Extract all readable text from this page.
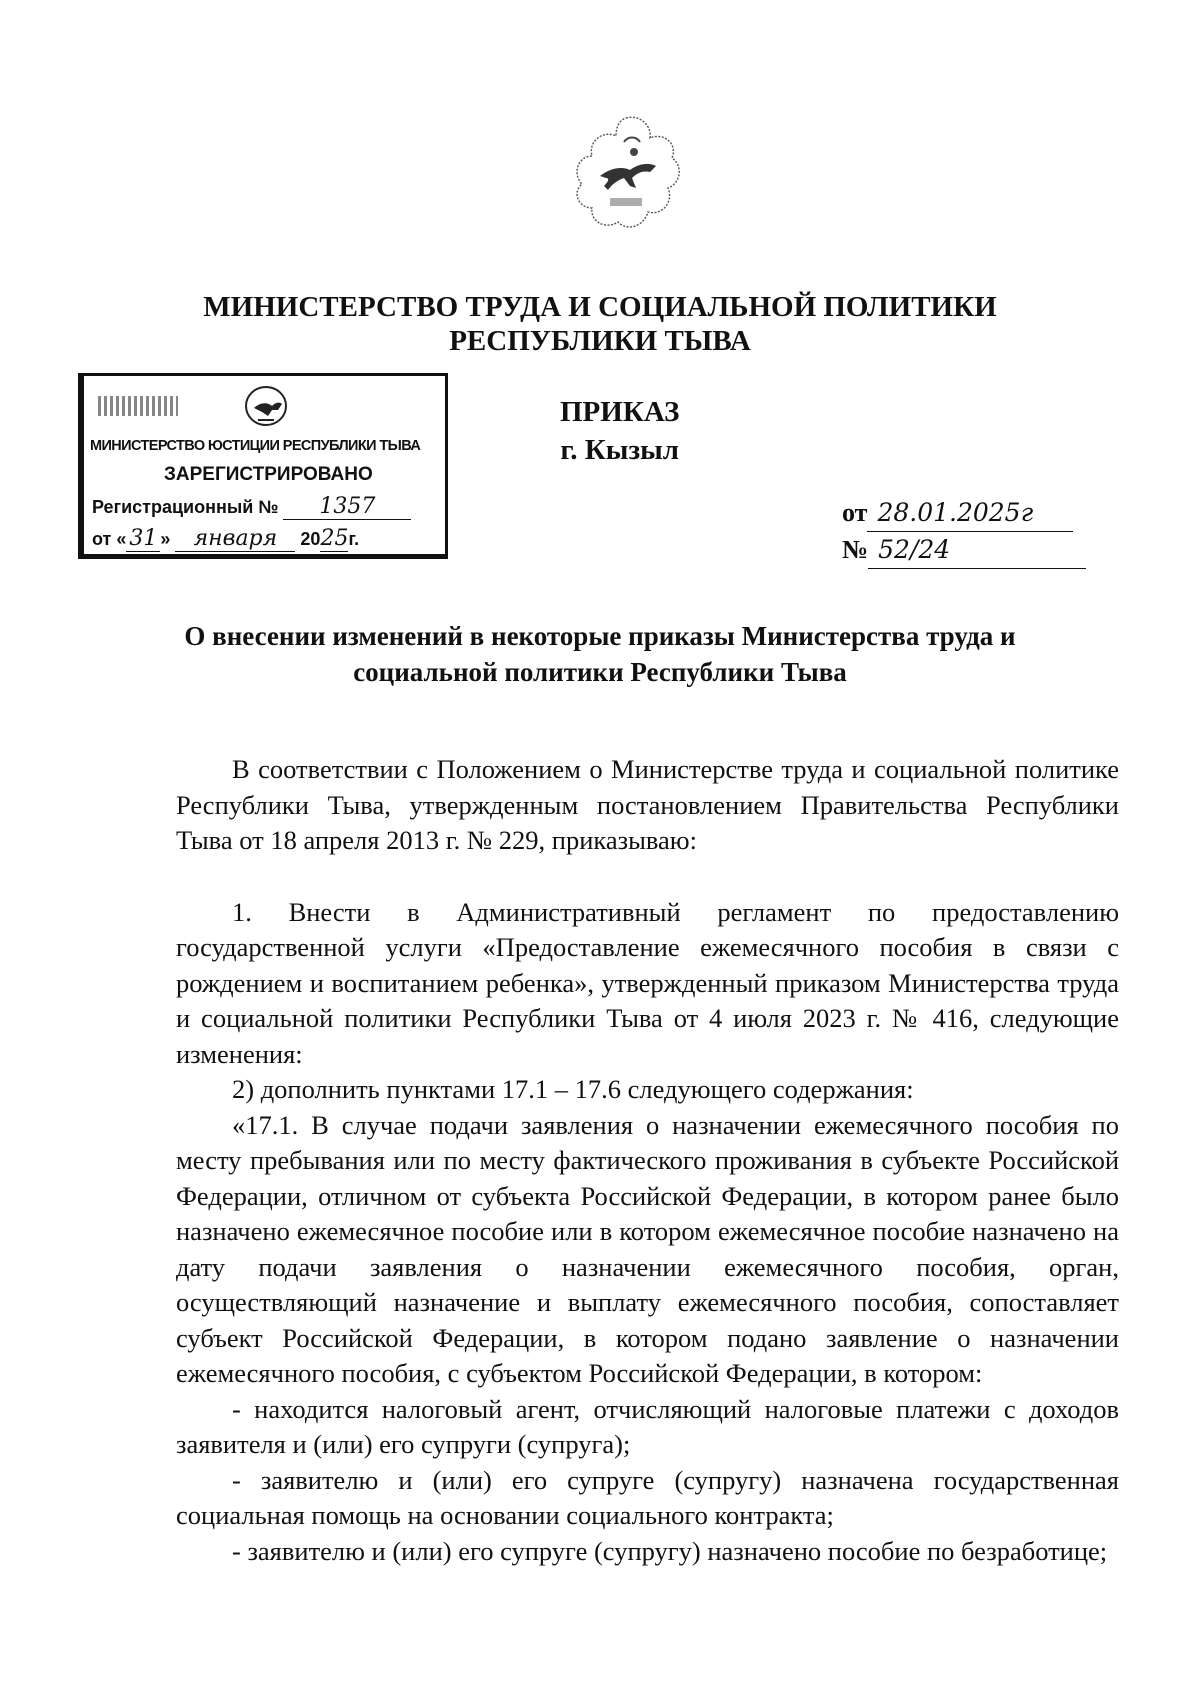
МИНИСТЕРСТВО ТРУДА И СОЦИАЛЬНОЙ ПОЛИТИКИ
РЕСПУБЛИКИ ТЫВА
МИНИСТЕРСТВО ЮСТИЦИИ РЕСПУБЛИКИ ТЫВА
ЗАРЕГИСТРИРОВАНО
Регистрационный № 1357
от « 31 » января 2025г.
ПРИКАЗ
г. Кызыл
от 28.01.2025г
№ 52/24
О внесении изменений в некоторые приказы Министерства труда и
социальной политики Республики Тыва

В соответствии с Положением о Министерстве труда и социальной политике Республики Тыва, утвержденным постановлением Правительства Республики Тыва от 18 апреля 2013 г. № 229, приказываю:

1. Внести в Административный регламент по предоставлению государственной услуги «Предоставление ежемесячного пособия в связи с рождением и воспитанием ребенка», утвержденный приказом Министерства труда и социальной политики Республики Тыва от 4 июля 2023 г. № 416, следующие изменения:

2) дополнить пунктами 17.1 – 17.6 следующего содержания:

«17.1. В случае подачи заявления о назначении ежемесячного пособия по месту пребывания или по месту фактического проживания в субъекте Российской Федерации, отличном от субъекта Российской Федерации, в котором ранее было назначено ежемесячное пособие или в котором ежемесячное пособие назначено на дату подачи заявления о назначении ежемесячного пособия, орган, осуществляющий назначение и выплату ежемесячного пособия, сопоставляет субъект Российской Федерации, в котором подано заявление о назначении ежемесячного пособия, с субъектом Российской Федерации, в котором:

- находится налоговый агент, отчисляющий налоговые платежи с доходов заявителя и (или) его супруги (супруга);

- заявителю и (или) его супруге (супругу) назначена государственная социальная помощь на основании социального контракта;

- заявителю и (или) его супруге (супругу) назначено пособие по безработице;
